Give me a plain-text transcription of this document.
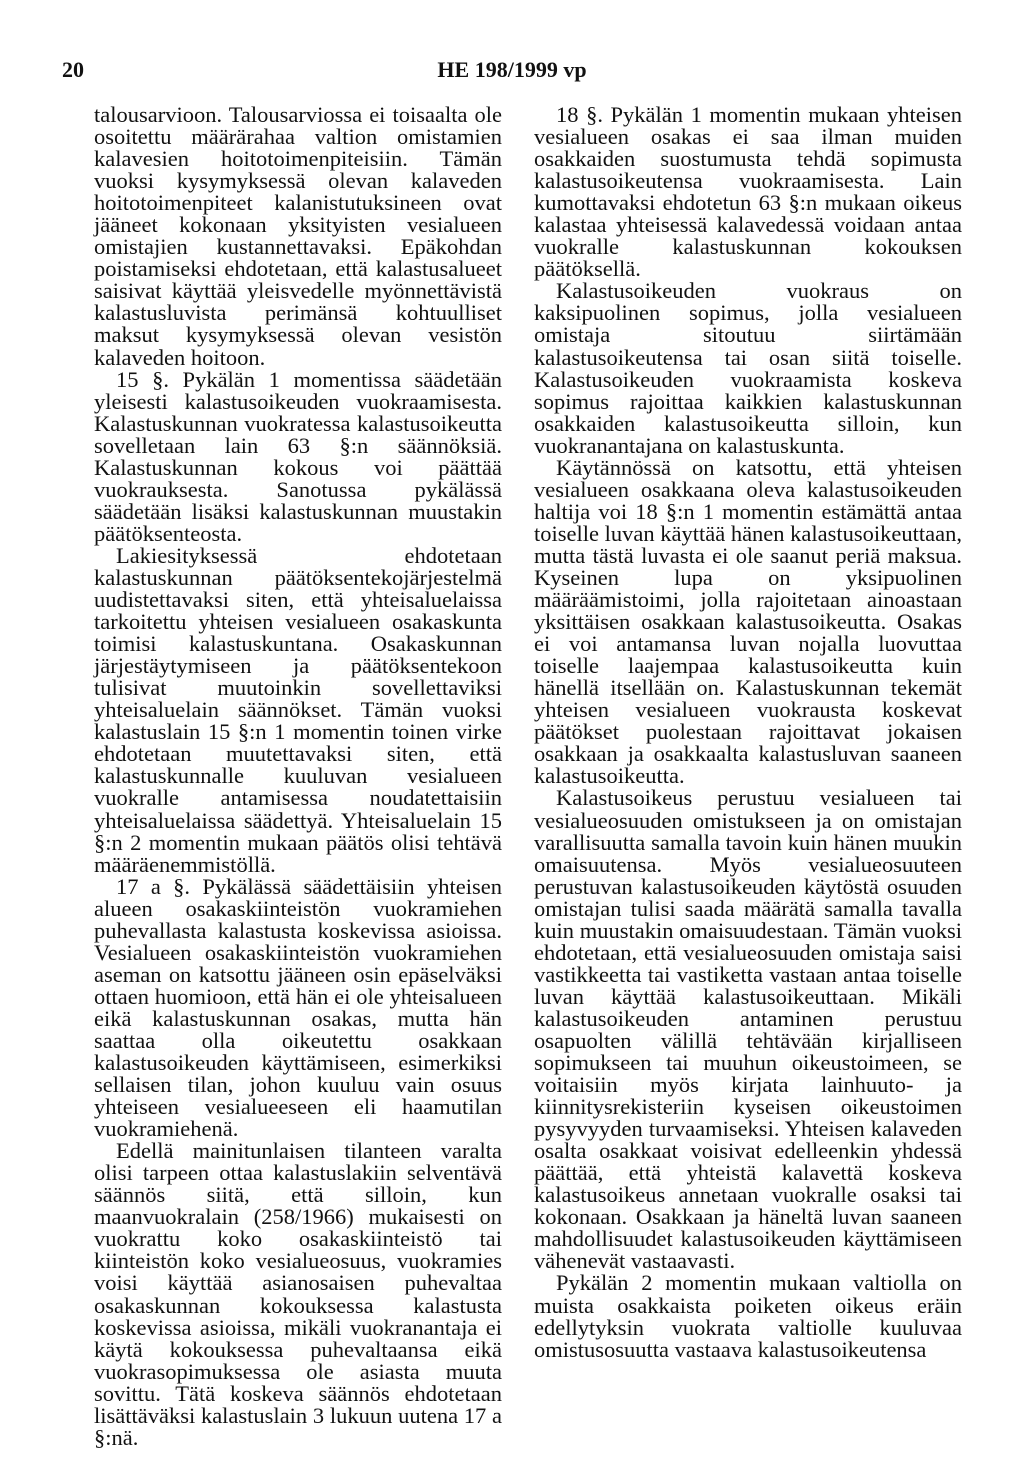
20	HE 198/1999 vp

talousarvioon. Talousarviossa ei toisaalta ole osoitettu määrärahaa valtion omistamien kalavesien hoitotoimenpiteisiin. Tämän vuoksi kysymyksessä olevan kalaveden hoitotoimenpiteet kalanistutuksineen ovat jääneet kokonaan yksityisten vesialueen omistajien kustannettavaksi. Epäkohdan poistamiseksi ehdotetaan, että kalastusalueet saisivat käyttää yleisvedelle myönnettävistä kalastusluvista perimänsä kohtuulliset maksut kysymyksessä olevan vesistön kalaveden hoitoon.

15 §. Pykälän 1 momentissa säädetään yleisesti kalastusoikeuden vuokraamisesta. Kalastuskunnan vuokratessa kalastusoikeutta sovelletaan lain 63 §:n säännöksiä. Kalastuskunnan kokous voi päättää vuokrauksesta. Sanotussa pykälässä säädetään lisäksi kalastuskunnan muustakin päätöksenteosta.

Lakiesityksessä ehdotetaan kalastuskunnan päätöksentekojärjestelmä uudistettavaksi siten, että yhteisaluelaissa tarkoitettu yhteisen vesialueen osakaskunta toimisi kalastuskuntana. Osakaskunnan järjestäytymiseen ja päätöksentekoon tulisivat muutoinkin sovellettaviksi yhteisaluelain säännökset. Tämän vuoksi kalastuslain 15 §:n 1 momentin toinen virke ehdotetaan muutettavaksi siten, että kalastuskunnalle kuuluvan vesialueen vuokralle antamisessa noudatettaisiin yhteisaluelaissa säädettyä. Yhteisaluelain 15 §:n 2 momentin mukaan päätös olisi tehtävä määräenemmistöllä.

17 a §. Pykälässä säädettäisiin yhteisen alueen osakaskiinteistön vuokramiehen puhevallasta kalastusta koskevissa asioissa. Vesialueen osakaskiinteistön vuokramiehen aseman on katsottu jääneen osin epäselväksi ottaen huomioon, että hän ei ole yhteisalueen eikä kalastuskunnan osakas, mutta hän saattaa olla oikeutettu osakkaan kalastusoikeuden käyttämiseen, esimerkiksi sellaisen tilan, johon kuuluu vain osuus yhteiseen vesialueeseen eli haamutilan vuokramiehenä.

Edellä mainitunlaisen tilanteen varalta olisi tarpeen ottaa kalastuslakiin selventävä säännös siitä, että silloin, kun maanvuokralain (258/1966) mukaisesti on vuokrattu koko osakaskiinteistö tai kiinteistön koko vesialueosuus, vuokramies voisi käyttää asianosaisen puhevaltaa osakaskunnan kokouksessa kalastusta koskevissa asioissa, mikäli vuokranantaja ei käytä kokouksessa puhevaltaansa eikä vuokrasopimuksessa ole asiasta muuta sovittu. Tätä koskeva säännös ehdotetaan lisättäväksi kalastuslain 3 lukuun uutena 17 a §:nä.

18 §. Pykälän 1 momentin mukaan yhteisen vesialueen osakas ei saa ilman muiden osakkaiden suostumusta tehdä sopimusta kalastusoikeutensa vuokraamisesta. Lain kumottavaksi ehdotetun 63 §:n mukaan oikeus kalastaa yhteisessä kalavedessä voidaan antaa vuokralle kalastuskunnan kokouksen päätöksellä.

Kalastusoikeuden vuokraus on kaksipuolinen sopimus, jolla vesialueen omistaja sitoutuu siirtämään kalastusoikeutensa tai osan siitä toiselle. Kalastusoikeuden vuokraamista koskeva sopimus rajoittaa kaikkien kalastuskunnan osakkaiden kalastusoikeutta silloin, kun vuokranantajana on kalastuskunta.

Käytännössä on katsottu, että yhteisen vesialueen osakkaana oleva kalastusoikeuden haltija voi 18 §:n 1 momentin estämättä antaa toiselle luvan käyttää hänen kalastusoikeuttaan, mutta tästä luvasta ei ole saanut periä maksua. Kyseinen lupa on yksipuolinen määräämistoimi, jolla rajoitetaan ainoastaan yksittäisen osakkaan kalastusoikeutta. Osakas ei voi antamansa luvan nojalla luovuttaa toiselle laajempaa kalastusoikeutta kuin hänellä itsellään on. Kalastuskunnan tekemät yhteisen vesialueen vuokrausta koskevat päätökset puolestaan rajoittavat jokaisen osakkaan ja osakkaalta kalastusluvan saaneen kalastusoikeutta.

Kalastusoikeus perustuu vesialueen tai vesialueosuuden omistukseen ja on omistajan varallisuutta samalla tavoin kuin hänen muukin omaisuutensa. Myös vesialueosuuteen perustuvan kalastusoikeuden käytöstä osuuden omistajan tulisi saada määrätä samalla tavalla kuin muustakin omaisuudestaan. Tämän vuoksi ehdotetaan, että vesialueosuuden omistaja saisi vastikkeetta tai vastiketta vastaan antaa toiselle luvan käyttää kalastusoikeuttaan. Mikäli kalastusoikeuden antaminen perustuu osapuolten välillä tehtävään kirjalliseen sopimukseen tai muuhun oikeustoimeen, se voitaisiin myös kirjata lainhuuto- ja kiinnitysrekisteriin kyseisen oikeustoimen pysyvyyden turvaamiseksi. Yhteisen kalaveden osalta osakkaat voisivat edelleenkin yhdessä päättää, että yhteistä kalavettä koskeva kalastusoikeus annetaan vuokralle osaksi tai kokonaan. Osakkaan ja häneltä luvan saaneen mahdollisuudet kalastusoikeuden käyttämiseen vähenevät vastaavasti.

Pykälän 2 momentin mukaan valtiolla on muista osakkaista poiketen oikeus eräin edellytyksin vuokrata valtiolle kuuluvaa omistusosuutta vastaava kalastusoikeutensa
